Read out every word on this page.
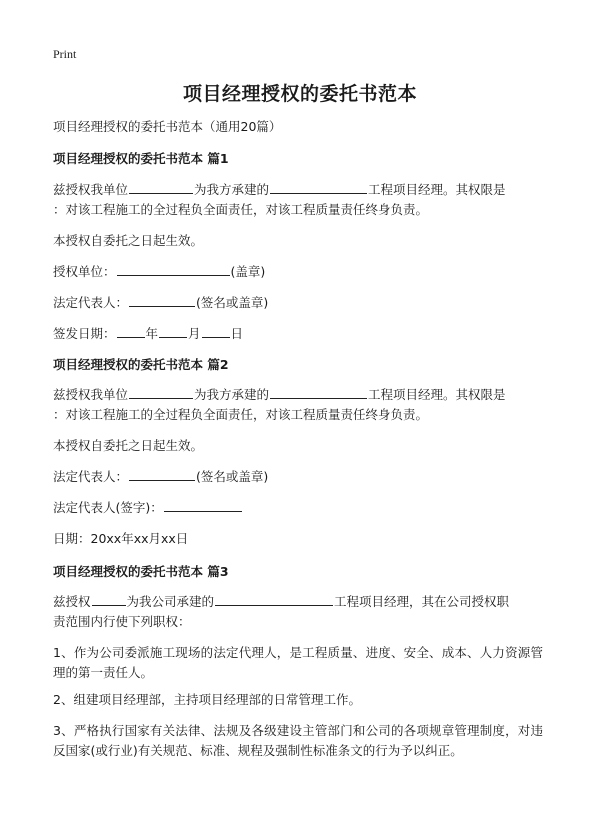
Print
项目经理授权的委托书范本
项目经理授权的委托书范本（通用20篇）
项目经理授权的委托书范本 篇1
兹授权我单位	为我方承建的	工程项目经理。其权限是
：对该工程施工的全过程负全面责任，对该工程质量责任终身负责。
本授权自委托之日起生效。
授权单位：	(盖章)
法定代表人：	(签名或盖章)
签发日期： 年 月 日
项目经理授权的委托书范本 篇2
兹授权我单位	为我方承建的	工程项目经理。其权限是
：对该工程施工的全过程负全面责任，对该工程质量责任终身负责。
本授权自委托之日起生效。
法定代表人：	(签名或盖章)
法定代表人(签字)：
日期：20xx年xx月xx日
项目经理授权的委托书范本 篇3
兹授权	为我公司承建的	工程项目经理，其在公司授权职
责范围内行使下列职权：
1、作为公司委派施工现场的法定代理人，是工程质量、进度、安全、成本、人力资源管理的第一责任人。
2、组建项目经理部，主持项目经理部的日常管理工作。
3、严格执行国家有关法律、法规及各级建设主管部门和公司的各项规章管理制度，对违反国家(或行业)有关规范、标准、规程及强制性标准条文的行为予以纠正。
